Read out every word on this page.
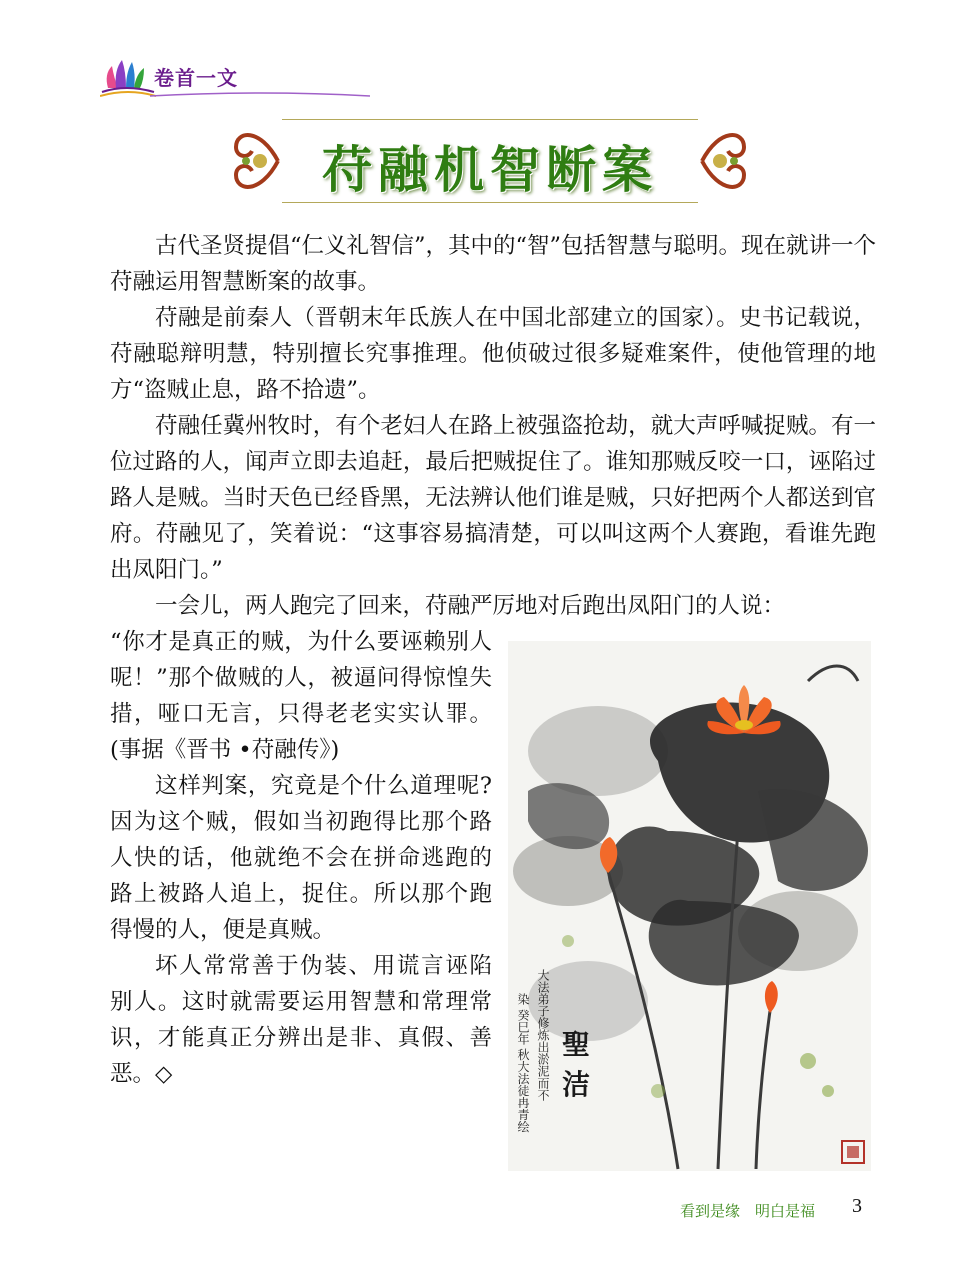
卷首一文
苻融机智断案

古代圣贤提倡“仁义礼智信”，其中的“智”包括智慧与聪明。现在就讲一个苻融运用智慧断案的故事。

苻融是前秦人（晋朝末年氐族人在中国北部建立的国家）。史书记载说，苻融聪辩明慧，特别擅长究事推理。他侦破过很多疑难案件，使他管理的地方“盗贼止息，路不拾遗”。

苻融任冀州牧时，有个老妇人在路上被强盗抢劫，就大声呼喊捉贼。有一位过路的人，闻声立即去追赶，最后把贼捉住了。谁知那贼反咬一口，诬陷过路人是贼。当时天色已经昏黑，无法辨认他们谁是贼，只好把两个人都送到官府。苻融见了，笑着说：“这事容易搞清楚，可以叫这两个人赛跑，看谁先跑出凤阳门。”

一会儿，两人跑完了回来，苻融严厉地对后跑出凤阳门的人说：

“你才是真正的贼，为什么要诬赖别人呢！”那个做贼的人，被逼问得惊惶失措，哑口无言，只得老老实实认罪。(事据《晋书 •苻融传》)

这样判案，究竟是个什么道理呢?因为这个贼，假如当初跑得比那个路人快的话，他就绝不会在拼命逃跑的路上被路人追上，捉住。所以那个跑得慢的人，便是真贼。

坏人常常善于伪装、用谎言诬陷别人。这时就需要运用智慧和常理常识，才能真正分辨出是非、真假、善恶。◇

聖
洁
大法弟子修炼出淤泥而不
染 癸巳年 秋大法徒冉青绘
看到是缘　明白是福 3
